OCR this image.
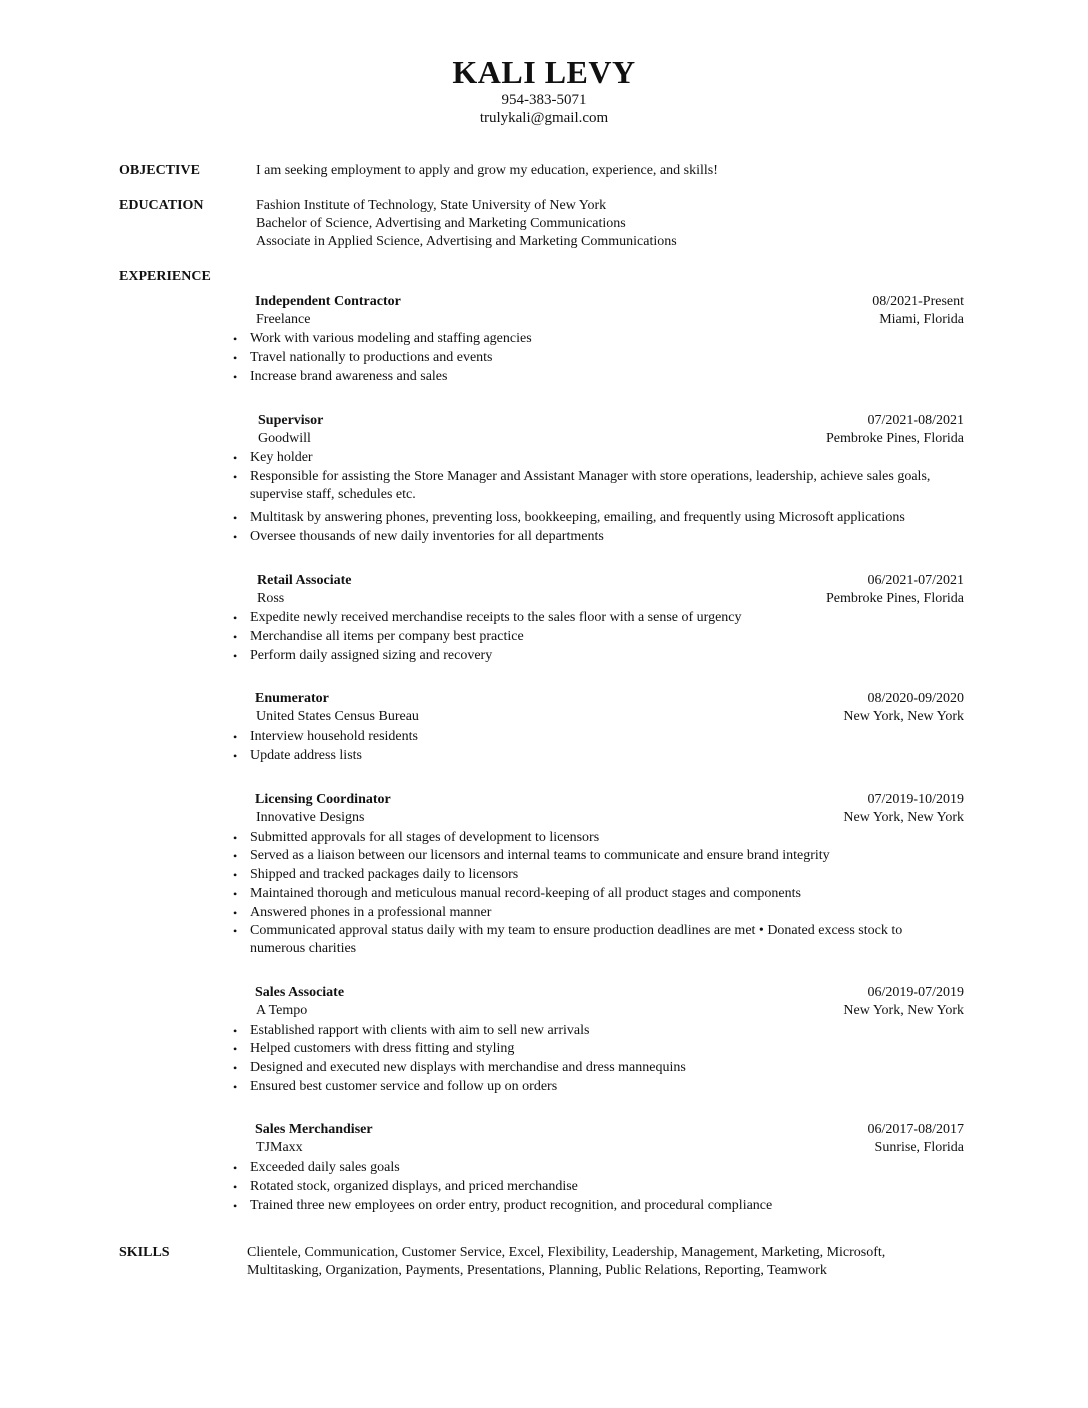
KALI LEVY
954-383-5071
trulykali@gmail.com
OBJECTIVE	I am seeking employment to apply and grow my education, experience, and skills!
EDUCATION	Fashion Institute of Technology, State University of New York
Bachelor of Science, Advertising and Marketing Communications
Associate in Applied Science, Advertising and Marketing Communications
EXPERIENCE
Independent Contractor	08/2021-Present
Freelance	Miami, Florida
• Work with various modeling and staffing agencies
• Travel nationally to productions and events
• Increase brand awareness and sales
Supervisor	07/2021-08/2021
Goodwill	Pembroke Pines, Florida
• Key holder
• Responsible for assisting the Store Manager and Assistant Manager with store operations, leadership, achieve sales goals, supervise staff, schedules etc.
• Multitask by answering phones, preventing loss, bookkeeping, emailing, and frequently using Microsoft applications
• Oversee thousands of new daily inventories for all departments
Retail Associate	06/2021-07/2021
Ross	Pembroke Pines, Florida
• Expedite newly received merchandise receipts to the sales floor with a sense of urgency
• Merchandise all items per company best practice
• Perform daily assigned sizing and recovery
Enumerator	08/2020-09/2020
United States Census Bureau	New York, New York
• Interview household residents
• Update address lists
Licensing Coordinator	07/2019-10/2019
Innovative Designs	New York, New York
• Submitted approvals for all stages of development to licensors
• Served as a liaison between our licensors and internal teams to communicate and ensure brand integrity
• Shipped and tracked packages daily to licensors
• Maintained thorough and meticulous manual record-keeping of all product stages and components
• Answered phones in a professional manner
• Communicated approval status daily with my team to ensure production deadlines are met • Donated excess stock to numerous charities
Sales Associate	06/2019-07/2019
A Tempo	New York, New York
• Established rapport with clients with aim to sell new arrivals
• Helped customers with dress fitting and styling
• Designed and executed new displays with merchandise and dress mannequins
• Ensured best customer service and follow up on orders
Sales Merchandiser	06/2017-08/2017
TJMaxx	Sunrise, Florida
• Exceeded daily sales goals
• Rotated stock, organized displays, and priced merchandise
• Trained three new employees on order entry, product recognition, and procedural compliance
SKILLS	Clientele, Communication, Customer Service, Excel, Flexibility, Leadership, Management, Marketing, Microsoft, Multitasking, Organization, Payments, Presentations, Planning, Public Relations, Reporting, Teamwork
